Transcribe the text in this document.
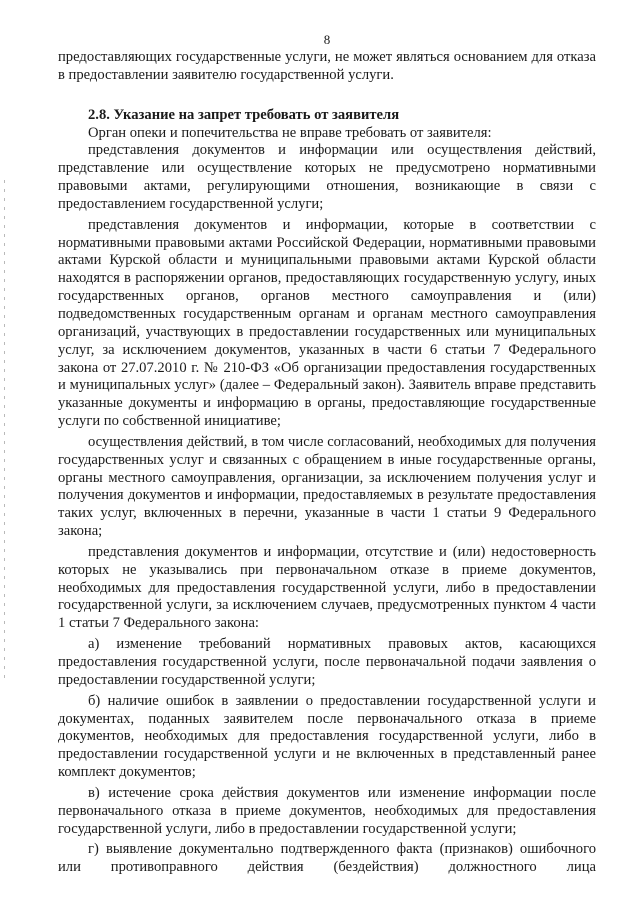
8

предоставляющих государственные услуги, не может являться основанием для отказа в предоставлении заявителю государственной услуги.

2.8. Указание на запрет требовать от заявителя

Орган опеки и попечительства не вправе требовать от заявителя:

представления документов и информации или осуществления действий, представление или осуществление которых не предусмотрено нормативными правовыми актами, регулирующими отношения, возникающие в связи с предоставлением государственной услуги;

представления документов и информации, которые в соответствии с нормативными правовыми актами Российской Федерации, нормативными правовыми актами Курской области и муниципальными правовыми актами Курской области находятся в распоряжении органов, предоставляющих государственную услугу, иных государственных органов, органов местного самоуправления и (или) подведомственных государственным органам и органам местного самоуправления организаций, участвующих в предоставлении государственных или муниципальных услуг, за исключением документов, указанных в части 6 статьи 7 Федерального закона от 27.07.2010 г. № 210-ФЗ «Об организации предоставления государственных и муниципальных услуг» (далее – Федеральный закон). Заявитель вправе представить указанные документы и информацию в органы, предоставляющие государственные услуги по собственной инициативе;

осуществления действий, в том числе согласований, необходимых для получения государственных услуг и связанных с обращением в иные государственные органы, органы местного самоуправления, организации, за исключением получения услуг и получения документов и информации, предоставляемых в результате предоставления таких услуг, включенных в перечни, указанные в части 1 статьи 9 Федерального закона;

представления документов и информации, отсутствие и (или) недостоверность которых не указывались при первоначальном отказе в приеме документов, необходимых для предоставления государственной услуги, либо в предоставлении государственной услуги, за исключением случаев, предусмотренных пунктом 4 части 1 статьи 7 Федерального закона:

а) изменение требований нормативных правовых актов, касающихся предоставления государственной услуги, после первоначальной подачи заявления о предоставлении государственной услуги;

б) наличие ошибок в заявлении о предоставлении государственной услуги и документах, поданных заявителем после первоначального отказа в приеме документов, необходимых для предоставления государственной услуги, либо в предоставлении государственной услуги и не включенных в представленный ранее комплект документов;

в) истечение срока действия документов или изменение информации после первоначального отказа в приеме документов, необходимых для предоставления государственной услуги, либо в предоставлении государственной услуги;

г) выявление документально подтвержденного факта (признаков) ошибочного или противоправного действия (бездействия) должностного лица
